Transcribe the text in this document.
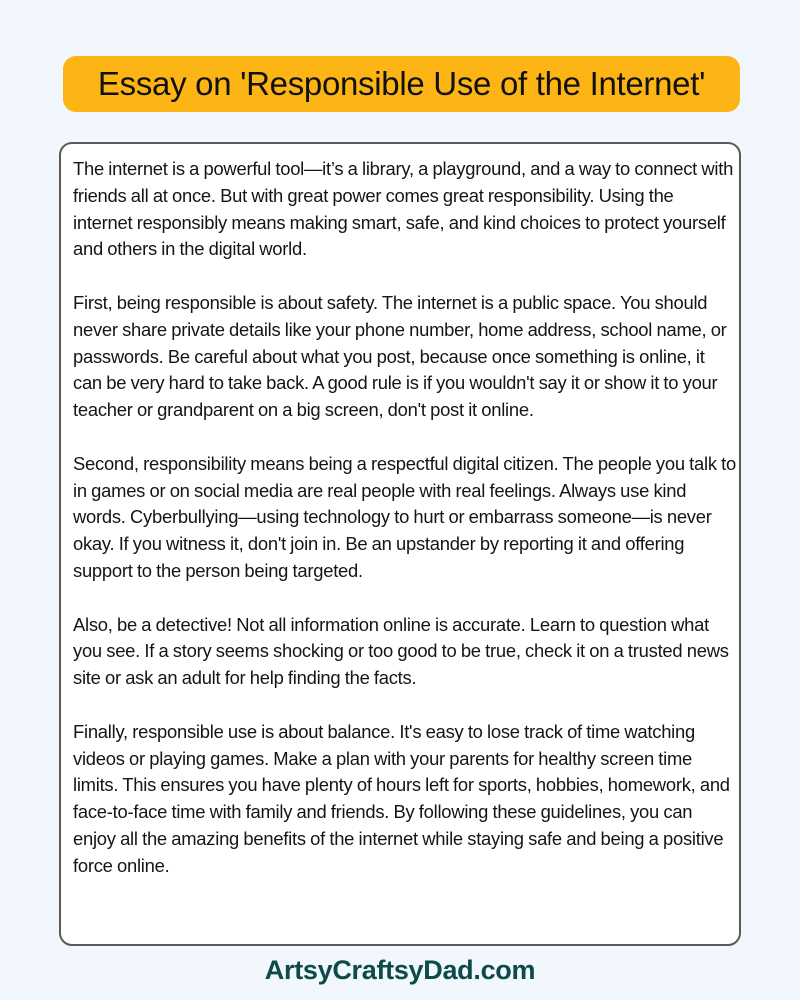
Essay on 'Responsible Use of the Internet'

The internet is a powerful tool—it’s a library, a playground, and a way to connect with friends all at once. But with great power comes great responsibility. Using the internet responsibly means making smart, safe, and kind choices to protect yourself and others in the digital world.

First, being responsible is about safety. The internet is a public space. You should never share private details like your phone number, home address, school name, or passwords. Be careful about what you post, because once something is online, it can be very hard to take back. A good rule is if you wouldn't say it or show it to your teacher or grandparent on a big screen, don't post it online.

Second, responsibility means being a respectful digital citizen. The people you talk to in games or on social media are real people with real feelings. Always use kind words. Cyberbullying—using technology to hurt or embarrass someone—is never okay. If you witness it, don't join in. Be an upstander by reporting it and offering support to the person being targeted.

Also, be a detective! Not all information online is accurate. Learn to question what you see. If a story seems shocking or too good to be true, check it on a trusted news site or ask an adult for help finding the facts.

Finally, responsible use is about balance. It's easy to lose track of time watching videos or playing games. Make a plan with your parents for healthy screen time limits. This ensures you have plenty of hours left for sports, hobbies, homework, and face-to-face time with family and friends. By following these guidelines, you can enjoy all the amazing benefits of the internet while staying safe and being a positive force online.

ArtsyCraftsyDad.com
